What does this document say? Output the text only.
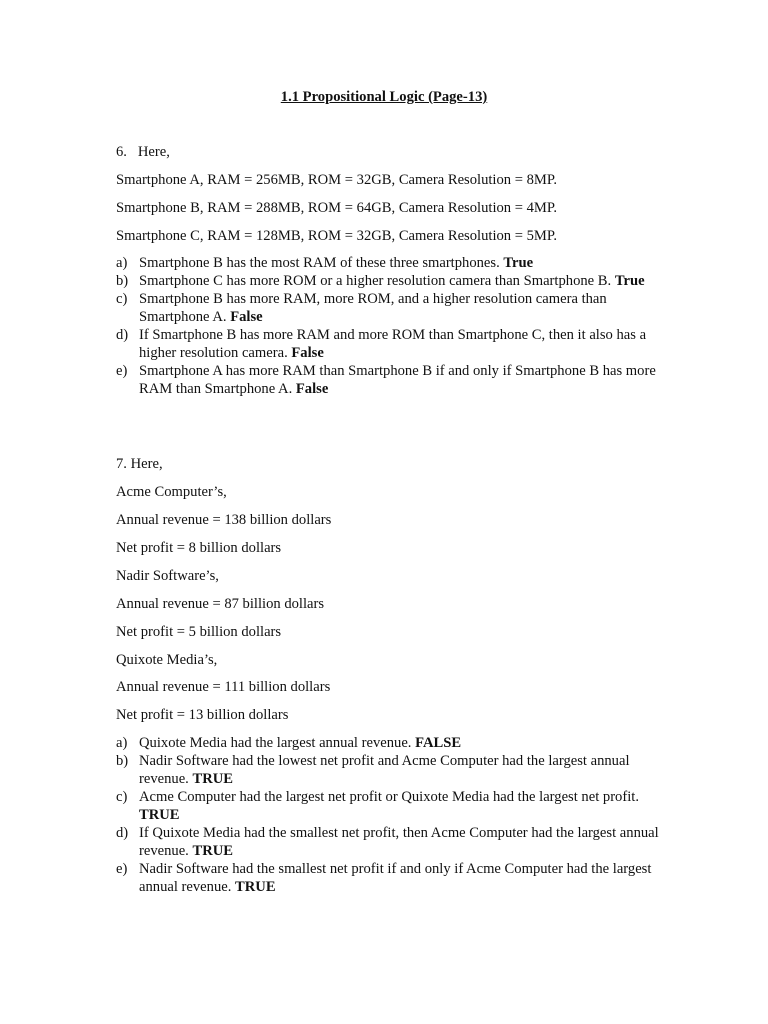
1.1 Propositional Logic (Page-13)
6.   Here,
Smartphone A, RAM = 256MB, ROM = 32GB, Camera Resolution = 8MP.
Smartphone B, RAM = 288MB, ROM = 64GB, Camera Resolution = 4MP.
Smartphone C, RAM = 128MB, ROM = 32GB, Camera Resolution = 5MP.
a) Smartphone B has the most RAM of these three smartphones. True
b) Smartphone C has more ROM or a higher resolution camera than Smartphone B. True
c) Smartphone B has more RAM, more ROM, and a higher resolution camera than Smartphone A. False
d) If Smartphone B has more RAM and more ROM than Smartphone C, then it also has a higher resolution camera. False
e) Smartphone A has more RAM than Smartphone B if and only if Smartphone B has more RAM than Smartphone A. False
7. Here,
Acme Computer’s,
Annual revenue = 138 billion dollars
Net profit = 8 billion dollars
Nadir Software’s,
Annual revenue = 87 billion dollars
Net profit = 5 billion dollars
Quixote Media’s,
Annual revenue = 111 billion dollars
Net profit = 13 billion dollars
a) Quixote Media had the largest annual revenue. FALSE
b) Nadir Software had the lowest net profit and Acme Computer had the largest annual revenue. TRUE
c) Acme Computer had the largest net profit or Quixote Media had the largest net profit. TRUE
d) If Quixote Media had the smallest net profit, then Acme Computer had the largest annual revenue. TRUE
e) Nadir Software had the smallest net profit if and only if Acme Computer had the largest annual revenue. TRUE
